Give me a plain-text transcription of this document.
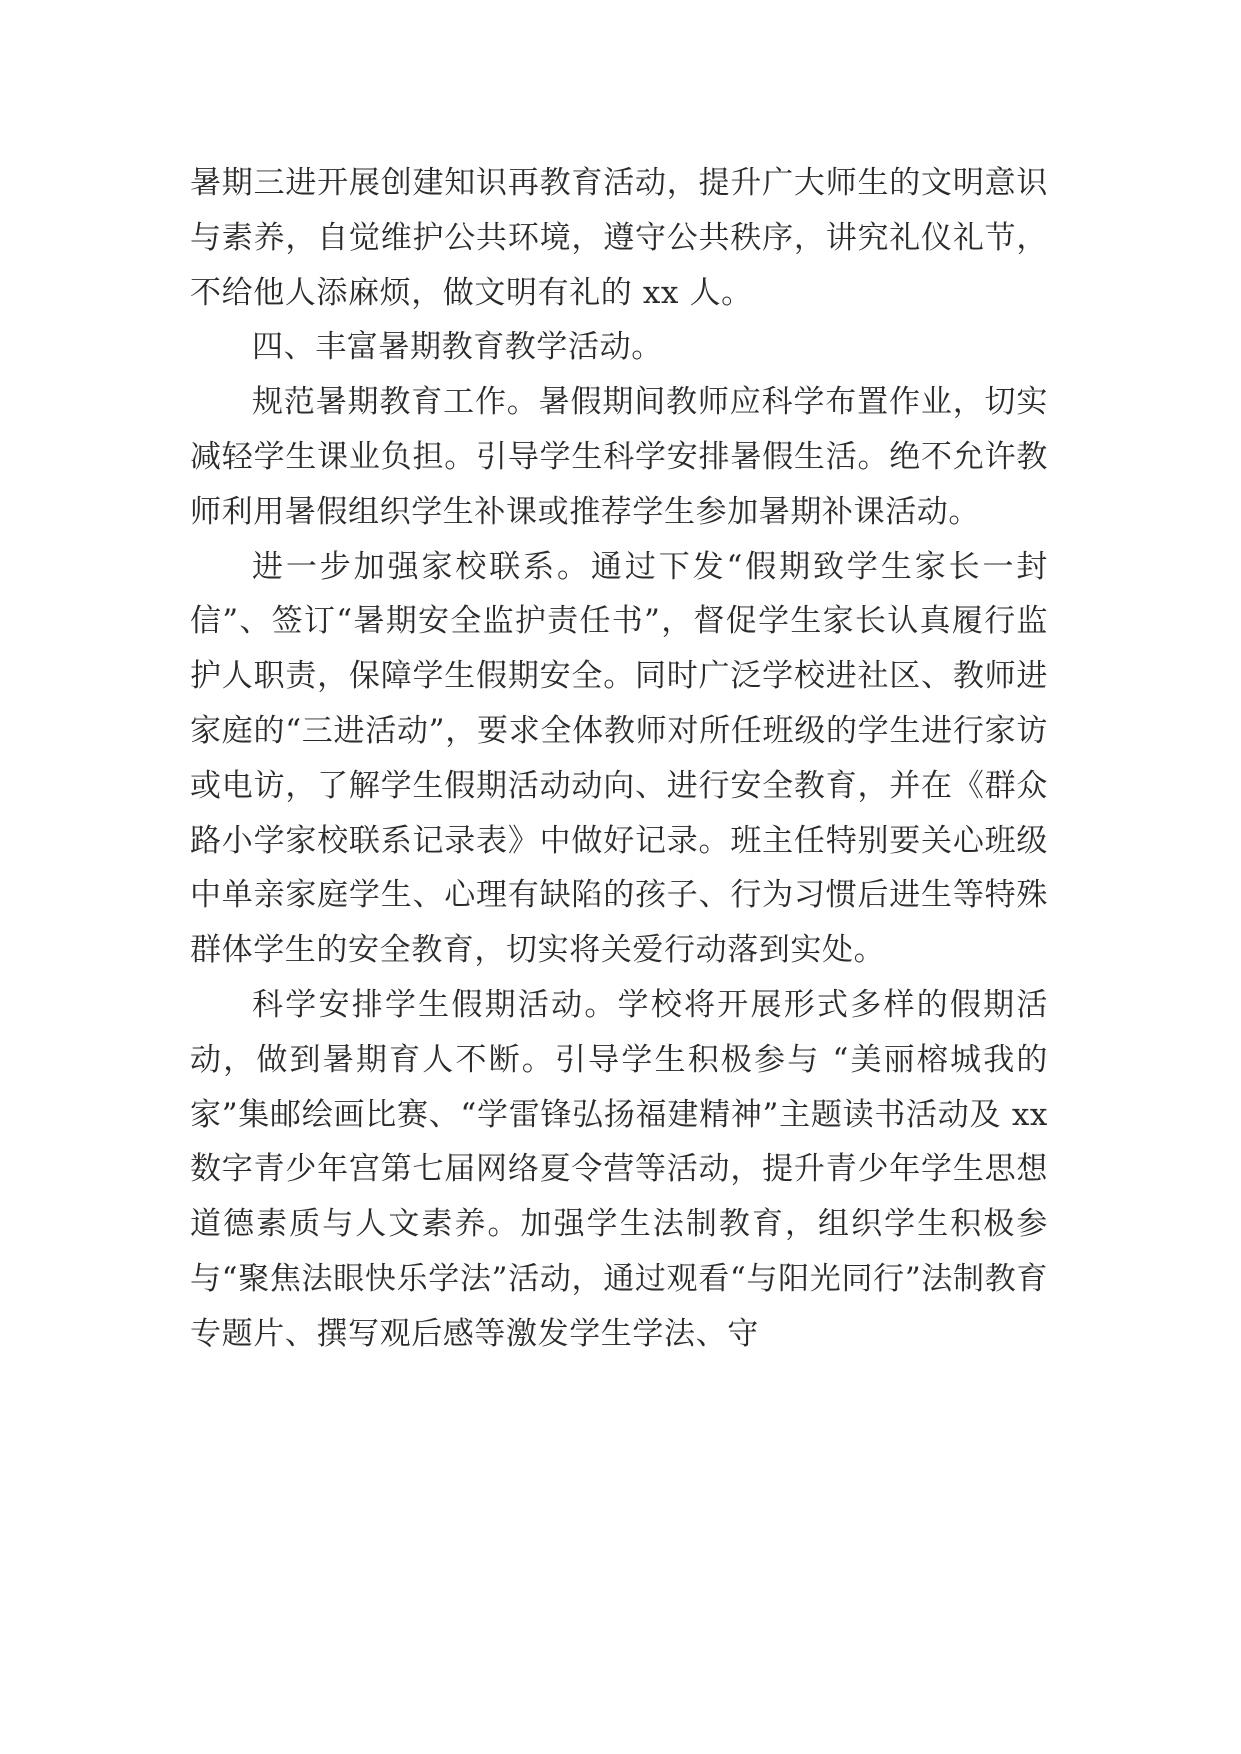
暑期三进开展创建知识再教育活动，提升广大师生的文明意识与素养，自觉维护公共环境，遵守公共秩序，讲究礼仪礼节，不给他人添麻烦，做文明有礼的 xx 人。

四、丰富暑期教育教学活动。

规范暑期教育工作。暑假期间教师应科学布置作业，切实减轻学生课业负担。引导学生科学安排暑假生活。绝不允许教师利用暑假组织学生补课或推荐学生参加暑期补课活动。

进一步加强家校联系。通过下发“假期致学生家长一封信”、签订“暑期安全监护责任书”，督促学生家长认真履行监护人职责，保障学生假期安全。同时广泛学校进社区、教师进家庭的“三进活动”，要求全体教师对所任班级的学生进行家访或电访，了解学生假期活动动向、进行安全教育，并在《群众路小学家校联系记录表》中做好记录。班主任特别要关心班级中单亲家庭学生、心理有缺陷的孩子、行为习惯后进生等特殊群体学生的安全教育，切实将关爱行动落到实处。

科学安排学生假期活动。学校将开展形式多样的假期活动，做到暑期育人不断。引导学生积极参与 “美丽榕城我的家”集邮绘画比赛、“学雷锋弘扬福建精神”主题读书活动及 xx 数字青少年宫第七届网络夏令营等活动，提升青少年学生思想道德素质与人文素养。加强学生法制教育，组织学生积极参与“聚焦法眼快乐学法”活动，通过观看“与阳光同行”法制教育专题片、撰写观后感等激发学生学法、守
